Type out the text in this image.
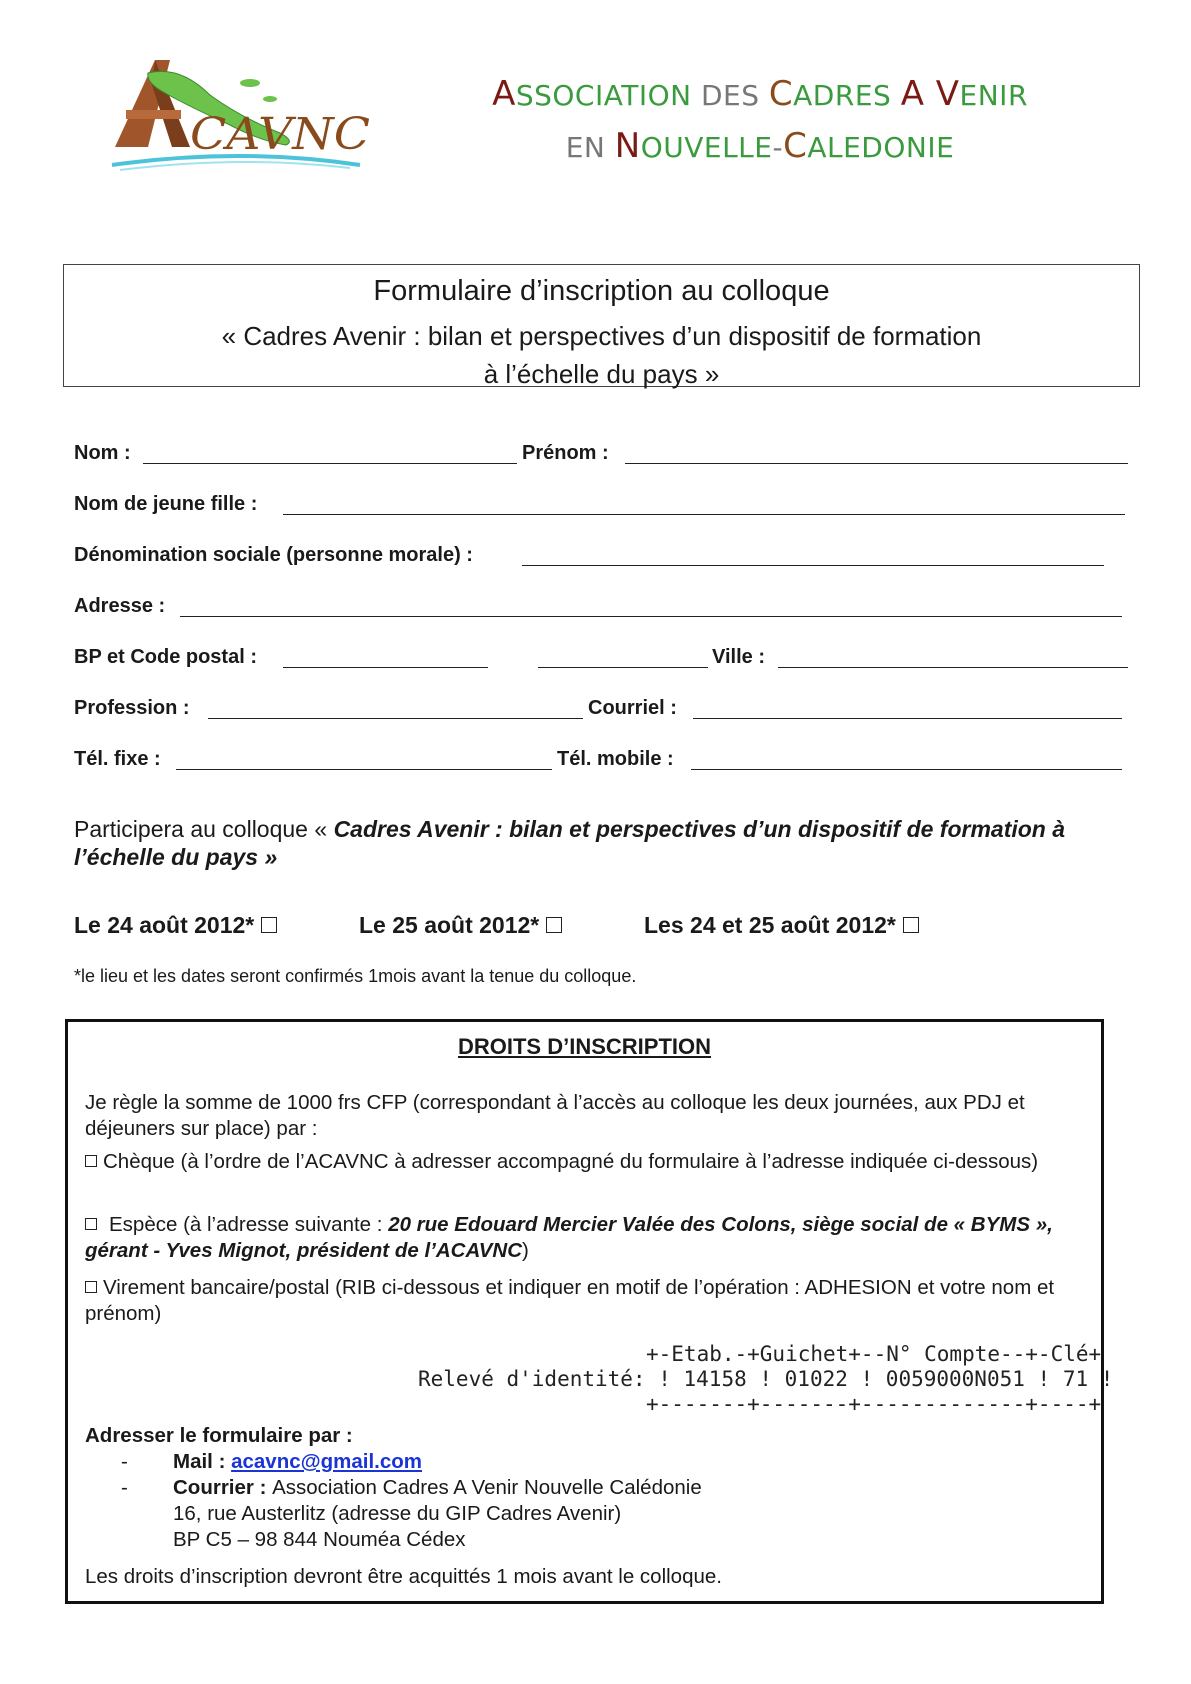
CAVNC
ASSOCIATION DES CADRES A VENIR
EN NOUVELLE-CALEDONIE
Formulaire d’inscription au colloque
« Cadres Avenir : bilan et perspectives d’un dispositif de formation
à l’échelle du pays »
Nom :	Prénom :
Nom de jeune fille :
Dénomination sociale (personne morale) :
Adresse :
BP et Code postal :	Ville :
Profession :	Courriel :
Tél. fixe :	Tél. mobile :
Participera au colloque « Cadres Avenir : bilan et perspectives d’un dispositif de formation à l’échelle du pays »
Le 24 août 2012*	Le 25 août 2012*	Les 24 et 25 août 2012*
*le lieu et les dates seront confirmés 1mois avant la tenue du colloque.
DROITS D’INSCRIPTION
Je règle la somme de 1000 frs CFP (correspondant à l’accès au colloque les deux journées, aux PDJ et déjeuners sur place) par :
Chèque (à l’ordre de l’ACAVNC à adresser accompagné du formulaire à l’adresse indiquée ci-dessous)
Espèce (à l’adresse suivante : 20 rue Edouard Mercier Valée des Colons, siège social de « BYMS », gérant - Yves Mignot, président de l’ACAVNC)
Virement bancaire/postal (RIB ci-dessous et indiquer en motif de l’opération : ADHESION et votre nom et prénom)
+-Etab.-+Guichet+--N° Compte--+-Clé+
Relevé d'identité: ! 14158 ! 01022 ! 0059000N051 ! 71 !
+-------+-------+-------------+----+
Adresser le formulaire par :
- Mail : acavnc@gmail.com
- Courrier : Association Cadres A Venir Nouvelle Calédonie
16, rue Austerlitz (adresse du GIP Cadres Avenir)
BP C5 – 98 844 Nouméa Cédex
Les droits d’inscription devront être acquittés 1 mois avant le colloque.
